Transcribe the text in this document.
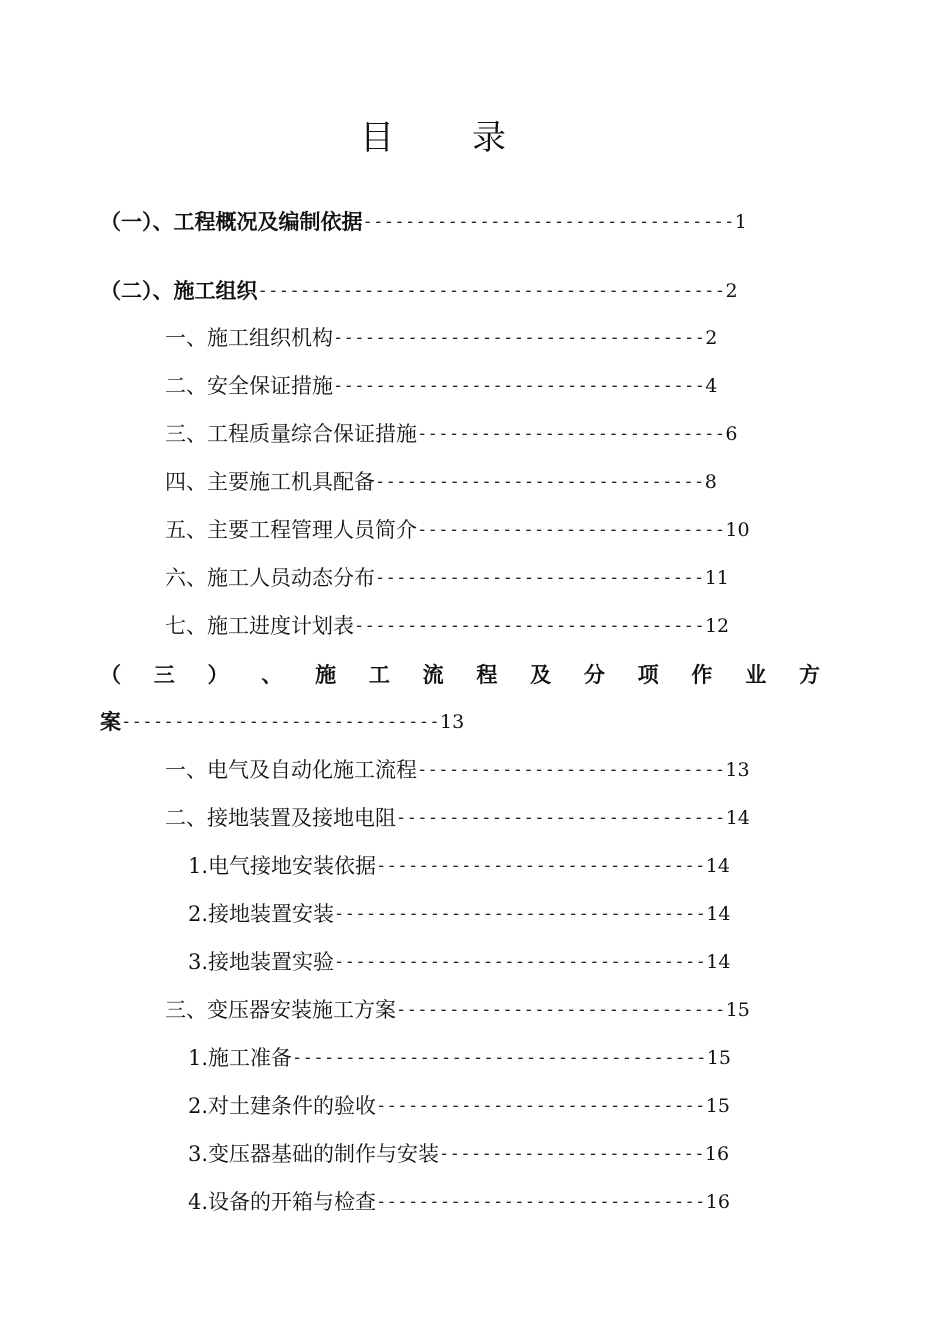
目 录
（一）、工程概况及编制依据-----------------------------------1
（二）、施工组织--------------------------------------------2
一、施工组织机构-----------------------------------2
二、安全保证措施-----------------------------------4
三、工程质量综合保证措施-----------------------------6
四、主要施工机具配备-------------------------------8
五、主要工程管理人员简介-----------------------------10
六、施工人员动态分布-------------------------------11
七、施工进度计划表---------------------------------12
（ 三 ） 、 施 工 流 程 及 分 项 作 业 方
案------------------------------13
一、电气及自动化施工流程-----------------------------13
二、接地装置及接地电阻-------------------------------14
1.电气接地安装依据-------------------------------14
2.接地装置安装-----------------------------------14
3.接地装置实验-----------------------------------14
三、变压器安装施工方案-------------------------------15
1.施工准备---------------------------------------15
2.对土建条件的验收-------------------------------15
3.变压器基础的制作与安装-------------------------16
4.设备的开箱与检查-------------------------------16
